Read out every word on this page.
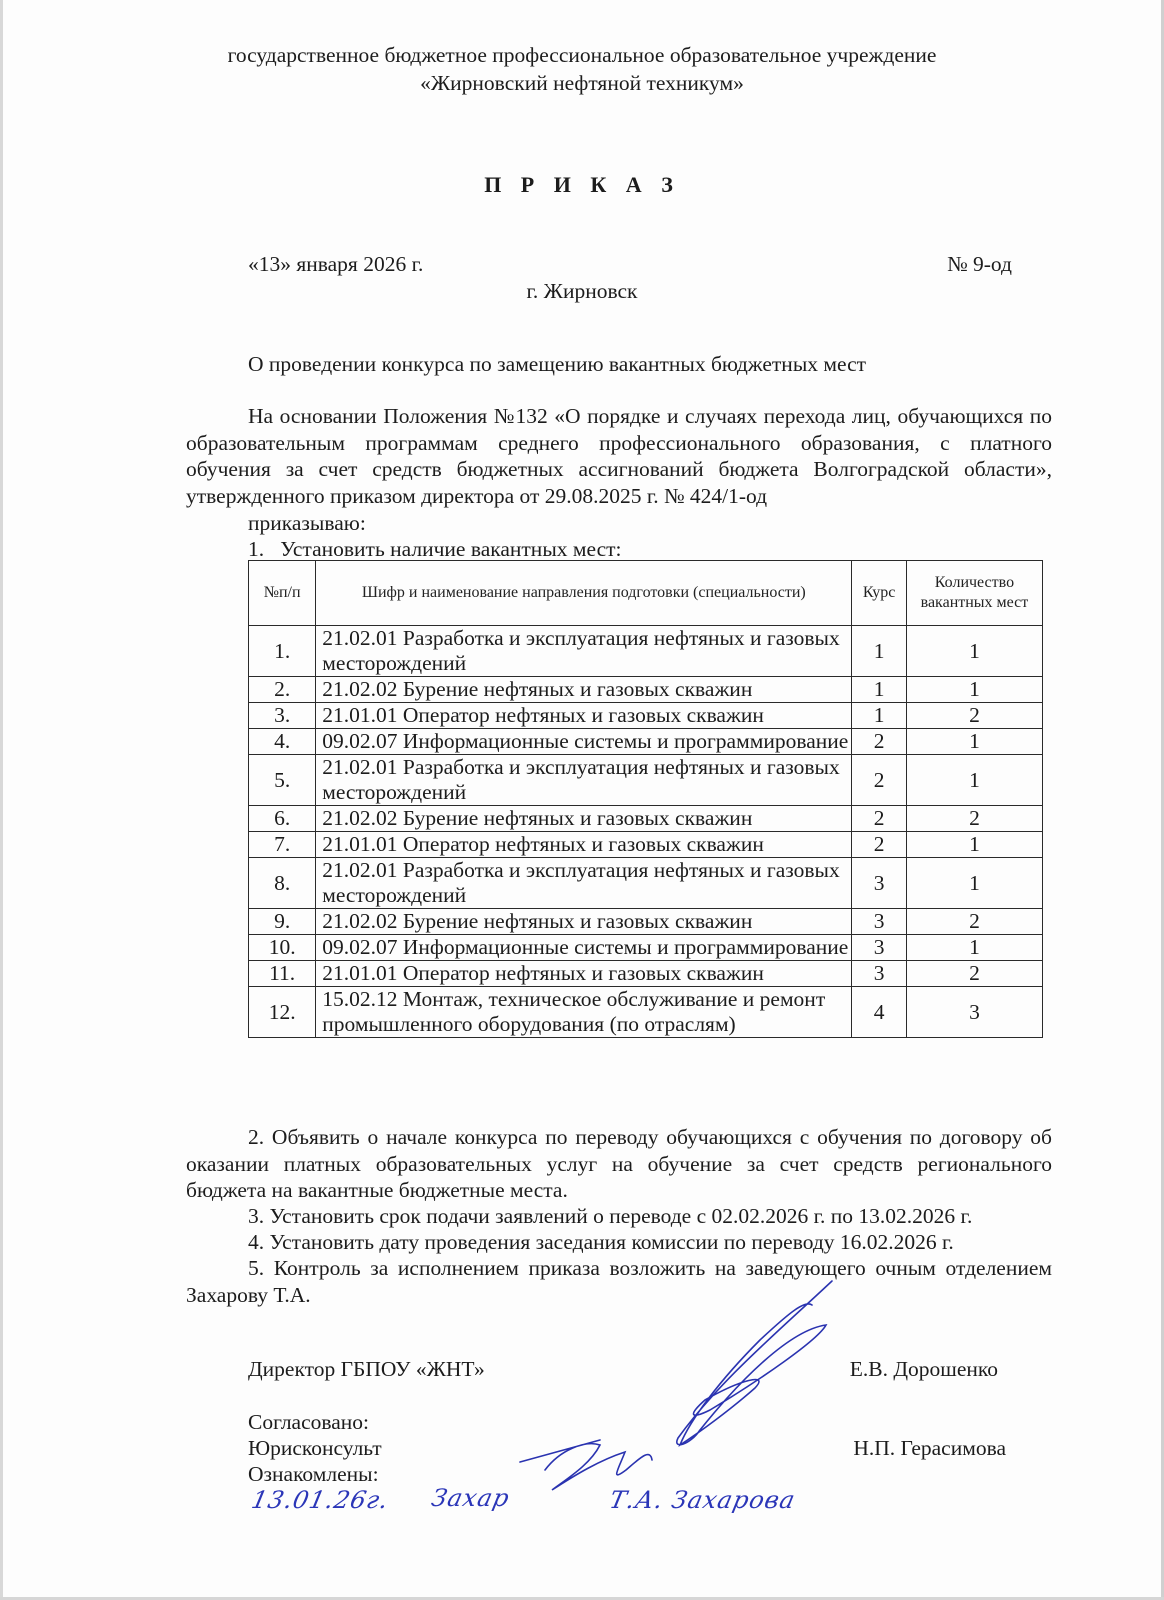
государственное бюджетное профессиональное образовательное учреждение
«Жирновский нефтяной техникум»
П Р И К А З
«13» января 2026 г.	№ 9-од
г. Жирновск
О проведении конкурса по замещению вакантных бюджетных мест
На основании Положения №132 «О порядке и случаях перехода лиц, обучающихся по образовательным программам среднего профессионального образования, с платного обучения за счет средств бюджетных ассигнований бюджета Волгоградской области», утвержденного приказом директора от 29.08.2025 г. № 424/1-од
приказываю:
1.   Установить наличие вакантных мест:
№п/п	Шифр и наименование направления подготовки (специальности)	Курс	Количество вакантных мест
1.	21.02.01 Разработка и эксплуатация нефтяных и газовых месторождений	1	1
2.	21.02.02 Бурение нефтяных и газовых скважин	1	1
3.	21.01.01 Оператор нефтяных и газовых скважин	1	2
4.	09.02.07 Информационные системы и программирование	2	1
5.	21.02.01 Разработка и эксплуатация нефтяных и газовых месторождений	2	1
6.	21.02.02 Бурение нефтяных и газовых скважин	2	2
7.	21.01.01 Оператор нефтяных и газовых скважин	2	1
8.	21.02.01 Разработка и эксплуатация нефтяных и газовых месторождений	3	1
9.	21.02.02 Бурение нефтяных и газовых скважин	3	2
10.	09.02.07 Информационные системы и программирование	3	1
11.	21.01.01 Оператор нефтяных и газовых скважин	3	2
12.	15.02.12 Монтаж, техническое обслуживание и ремонт промышленного оборудования (по отраслям)	4	3
2. Объявить о начале конкурса по переводу обучающихся с обучения по договору об оказании платных образовательных услуг на обучение за счет средств регионального бюджета на вакантные бюджетные места.
3. Установить срок подачи заявлений о переводе с 02.02.2026 г. по 13.02.2026 г.
4. Установить дату проведения заседания комиссии по переводу 16.02.2026 г.
5. Контроль за исполнением приказа возложить на заведующего очным отделением Захарову Т.А.
Директор ГБПОУ «ЖНТ»	Е.В. Дорошенко
Согласовано:
Юрисконсульт	Н.П. Герасимова
Ознакомлены:
13.01.26г. Захар	Т.А. Захарова
